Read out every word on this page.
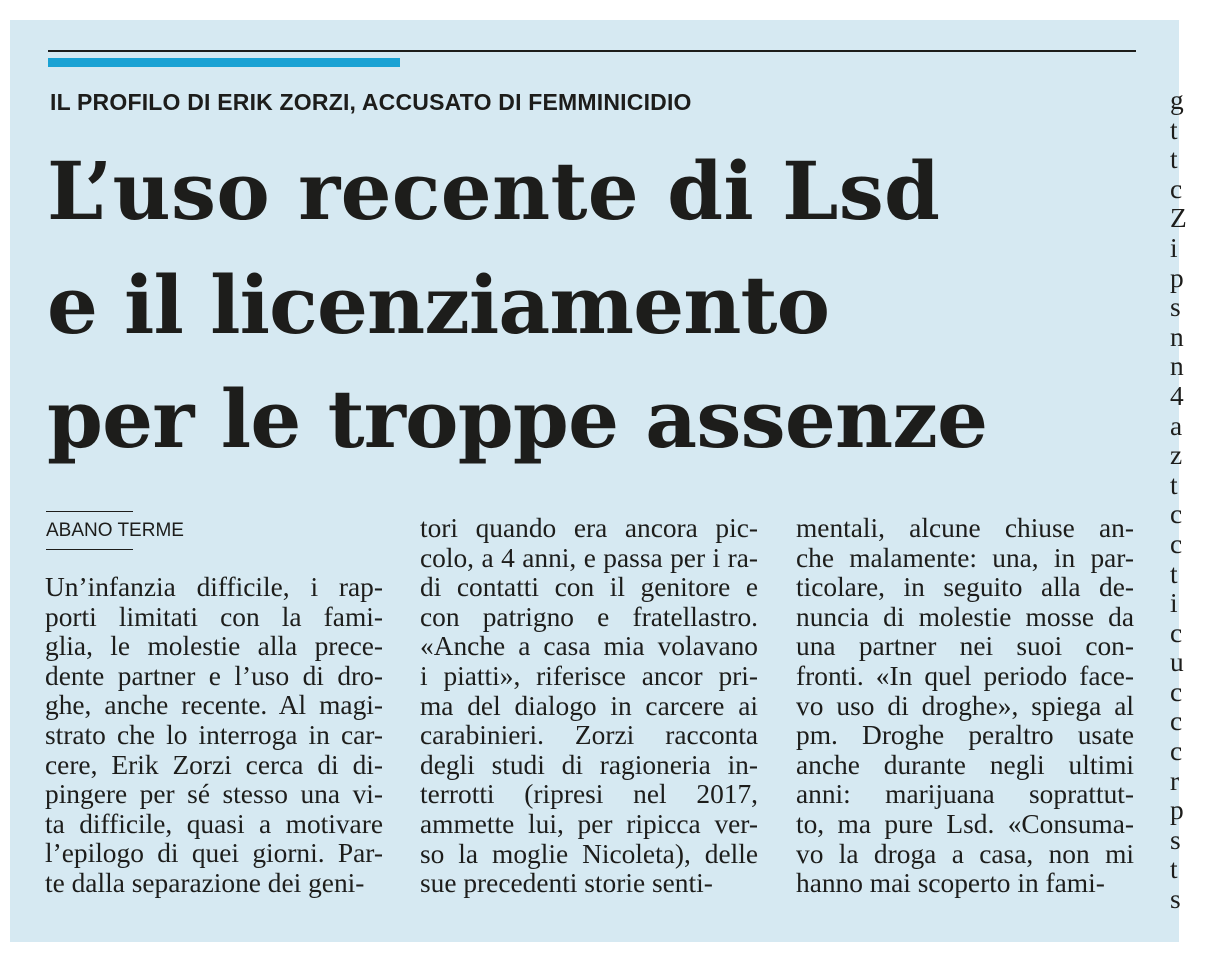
IL PROFILO DI ERIK ZORZI, ACCUSATO DI FEMMINICIDIO
L’uso recente di Lsd
e il licenziamento
per le troppe assenze
ABANO TERME
Un’infanzia difficile, i rap-
porti limitati con la fami-
glia, le molestie alla prece-
dente partner e l’uso di dro-
ghe, anche recente. Al magi-
strato che lo interroga in car-
cere, Erik Zorzi cerca di di-
pingere per sé stesso una vi-
ta difficile, quasi a motivare
l’epilogo di quei giorni. Par-
te dalla separazione dei geni-
tori quando era ancora pic-
colo, a 4 anni, e passa per i ra-
di contatti con il genitore e
con patrigno e fratellastro.
«Anche a casa mia volavano
i piatti», riferisce ancor pri-
ma del dialogo in carcere ai
carabinieri. Zorzi racconta
degli studi di ragioneria in-
terrotti (ripresi nel 2017,
ammette lui, per ripicca ver-
so la moglie Nicoleta), delle
sue precedenti storie senti-
mentali, alcune chiuse an-
che malamente: una, in par-
ticolare, in seguito alla de-
nuncia di molestie mosse da
una partner nei suoi con-
fronti. «In quel periodo face-
vo uso di droghe», spiega al
pm. Droghe peraltro usate
anche durante negli ultimi
anni: marijuana soprattut-
to, ma pure Lsd. «Consuma-
vo la droga a casa, non mi
hanno mai scoperto in fami-
g
t
t
c
Z
i
p
s
n
n
4
a
z
t
c
c
t
i
c
u
c
c
c
r
p
s
t
s
